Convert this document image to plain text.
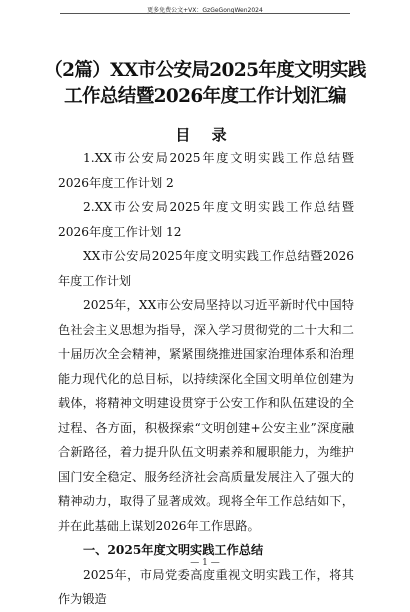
更多免费公文+VX：GzGeGongWen2024
（2篇）XX市公安局2025年度文明实践
工作总结暨2026年度工作计划汇编
目 录

1.XX市公安局2025年度文明实践工作总结暨2026年度工作计划 2

2.XX市公安局2025年度文明实践工作总结暨2026年度工作计划 12

XX市公安局2025年度文明实践工作总结暨2026年度工作计划

2025年，XX市公安局坚持以习近平新时代中国特色社会主义思想为指导，深入学习贯彻党的二十大和二十届历次全会精神，紧紧围绕推进国家治理体系和治理能力现代化的总目标，以持续深化全国文明单位创建为载体，将精神文明建设贯穿于公安工作和队伍建设的全过程、各方面，积极探索“文明创建+公安主业”深度融合新路径，着力提升队伍文明素养和履职能力，为维护国门安全稳定、服务经济社会高质量发展注入了强大的精神动力，取得了显著成效。现将全年工作总结如下，并在此基础上谋划2026年工作思路。

一、2025年度文明实践工作总结

2025年，市局党委高度重视文明实践工作，将其作为锻造

— 1 —
